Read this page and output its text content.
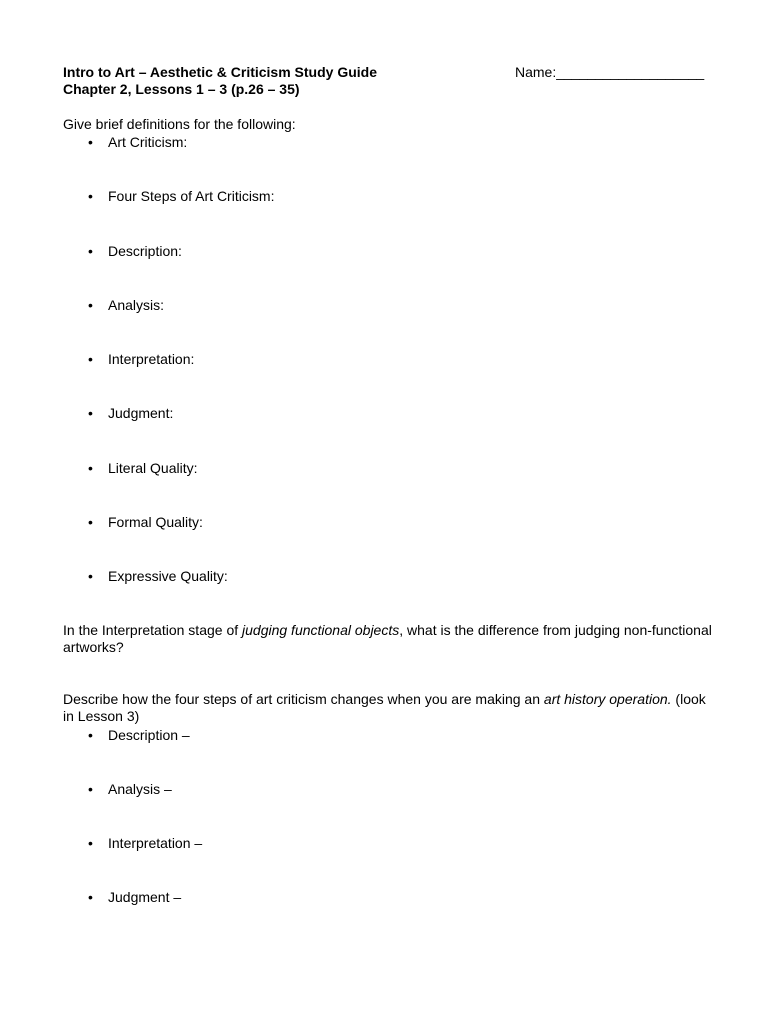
Intro to Art – Aesthetic & Criticism Study Guide
Chapter 2, Lessons 1 – 3 (p.26 – 35)
Name:___________________
Give brief definitions for the following:
• Art Criticism:
• Four Steps of Art Criticism:
• Description:
• Analysis:
• Interpretation:
• Judgment:
• Literal Quality:
• Formal Quality:
• Expressive Quality:
In the Interpretation stage of judging functional objects, what is the difference from judging non-functional artworks?
Describe how the four steps of art criticism changes when you are making an art history operation. (look in Lesson 3)
• Description –
• Analysis –
• Interpretation –
• Judgment –
